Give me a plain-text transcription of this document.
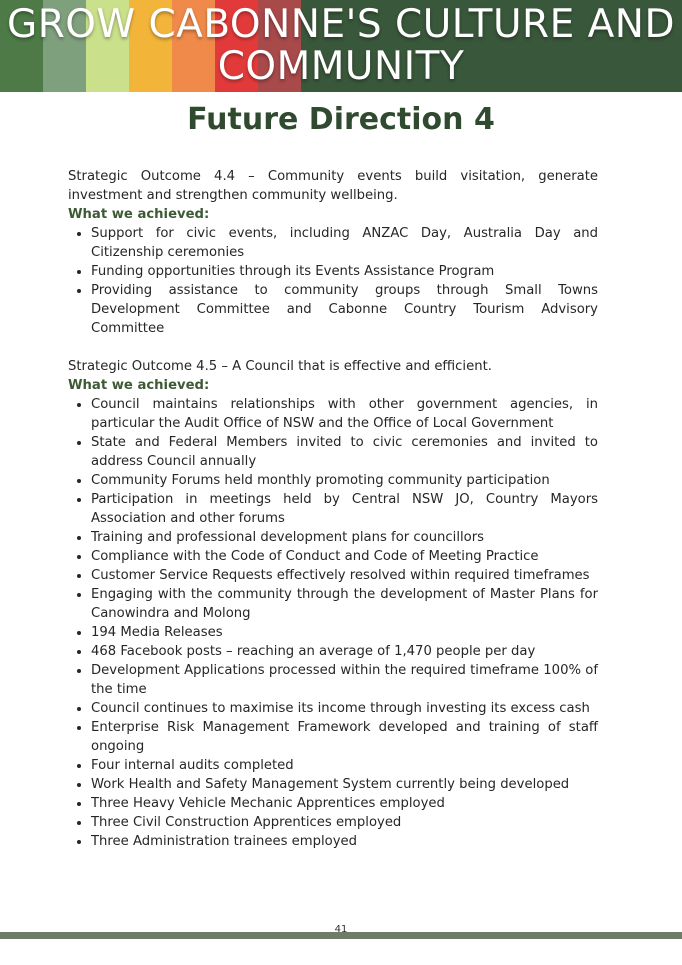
GROW CABONNE'S CULTURE AND
COMMUNITY
Future Direction 4
Strategic Outcome 4.4 – Community events build visitation, generate investment and strengthen community wellbeing.
What we achieved:
• Support for civic events, including ANZAC Day, Australia Day and Citizenship ceremonies
• Funding opportunities through its Events Assistance Program
• Providing assistance to community groups through Small Towns Development Committee and Cabonne Country Tourism Advisory Committee
Strategic Outcome 4.5 – A Council that is effective and efficient.
What we achieved:
• Council maintains relationships with other government agencies, in particular the Audit Office of NSW and the Office of Local Government
• State and Federal Members invited to civic ceremonies and invited to address Council annually
• Community Forums held monthly promoting community participation
• Participation in meetings held by Central NSW JO, Country Mayors Association and other forums
• Training and professional development plans for councillors
• Compliance with the Code of Conduct and Code of Meeting Practice
• Customer Service Requests effectively resolved within required timeframes
• Engaging with the community through the development of Master Plans for Canowindra and Molong
• 194 Media Releases
• 468 Facebook posts – reaching an average of 1,470 people per day
• Development Applications processed within the required timeframe 100% of the time
• Council continues to maximise its income through investing its excess cash
• Enterprise Risk Management Framework developed and training of staff ongoing
• Four internal audits completed
• Work Health and Safety Management System currently being developed
• Three Heavy Vehicle Mechanic Apprentices employed
• Three Civil Construction Apprentices employed
• Three Administration trainees employed
41
